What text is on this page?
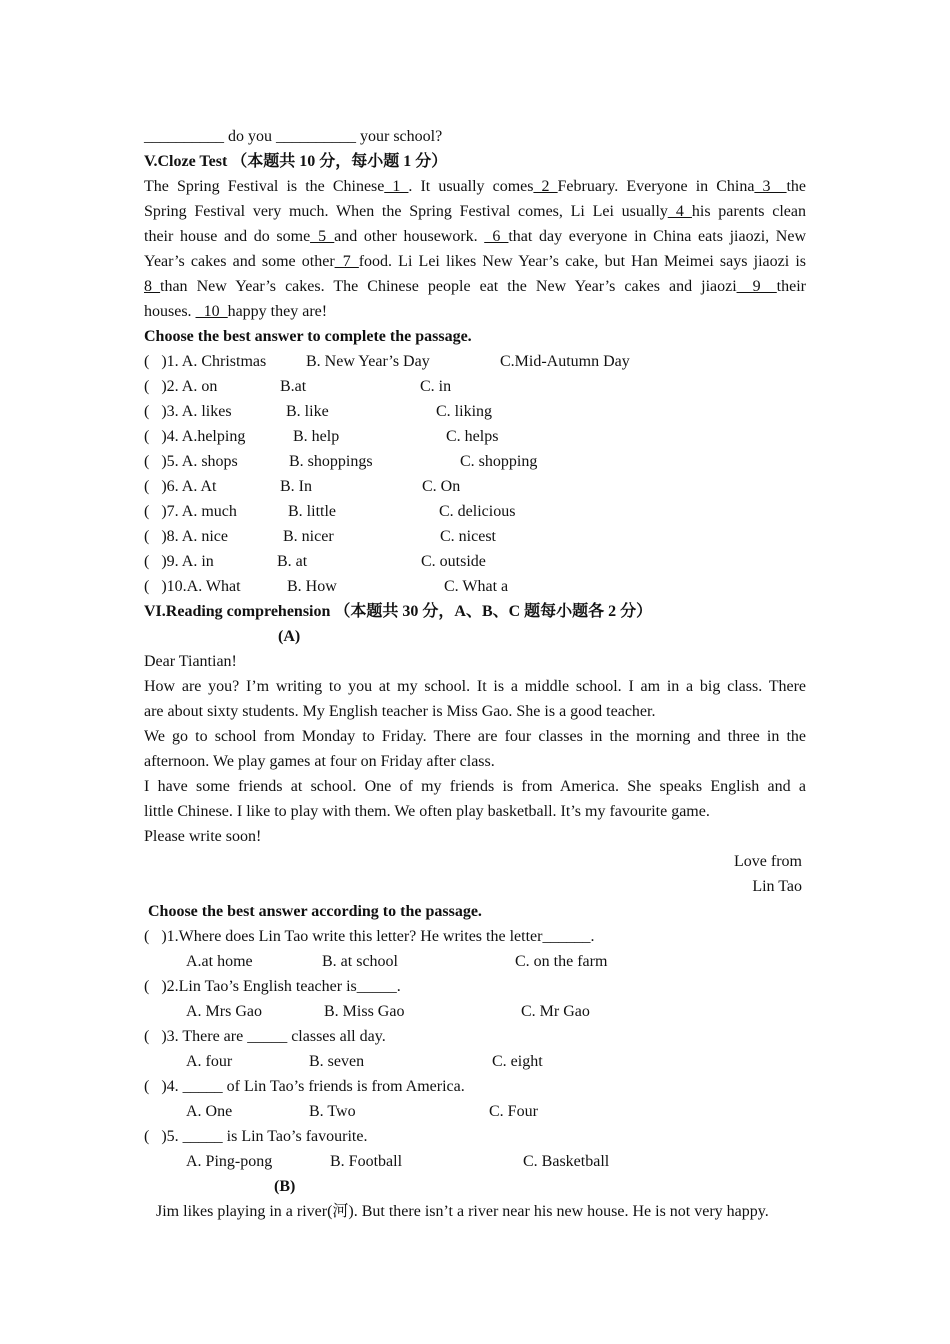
__________ do you __________ your school?
V.Cloze Test （本题共 10 分，每小题 1 分）
The Spring Festival is the Chinese_1_. It usually comes_2_February. Everyone in China_3__the
Spring Festival very much. When the Spring Festival comes, Li Lei usually_4_his parents clean
their house and do some_5_and other housework. _6_that day everyone in China eats jiaozi, New
Year’s cakes and some other_7_food. Li Lei likes New Year’s cake, but Han Meimei says jiaozi is
8_than New Year’s cakes. The Chinese people eat the New Year’s cakes and jiaozi__9__their
houses. _10_happy they are!
Choose the best answer to complete the passage.
(   )1. A. Christmas B. New Year’s Day	C.Mid-Autumn Day
(   )2. A. on	B.at	C. in
(   )3. A. likes	B. like	C. liking
(   )4. A.helping	B. help	C. helps
(   )5. A. shops	B. shoppings	C. shopping
(   )6. A. At	B. In	C. On
(   )7. A. much	B. little	C. delicious
(   )8. A. nice	B. nicer	C. nicest
(   )9. A. in	B. at	C. outside
(   )10.A. What	B. How	C. What a
VI.Reading comprehension （本题共 30 分，A、B、C 题每小题各 2 分）
(A)
Dear Tiantian!
How are you? I’m writing to you at my school. It is a middle school. I am in a big class. There
are about sixty students. My English teacher is Miss Gao. She is a good teacher.
We go to school from Monday to Friday. There are four classes in the morning and three in the
afternoon. We play games at four on Friday after class.
I have some friends at school. One of my friends is from America. She speaks English and a
little Chinese. I like to play with them. We often play basketball. It’s my favourite game.
Please write soon!
Love from
Lin Tao
Choose the best answer according to the passage.
(   )1.Where does Lin Tao write this letter? He writes the letter______.
A.at home	B. at school	C. on the farm
(   )2.Lin Tao’s English teacher is_____.
A. Mrs Gao	B. Miss Gao	C. Mr Gao
(   )3. There are _____ classes all day.
A. four	B. seven	C. eight
(   )4. _____ of Lin Tao’s friends is from America.
A. One	B. Two	C. Four
(   )5. _____ is Lin Tao’s favourite.
A. Ping-pong	B. Football	C. Basketball
(B)
Jim likes playing in a river(河). But there isn’t a river near his new house. He is not very happy.
